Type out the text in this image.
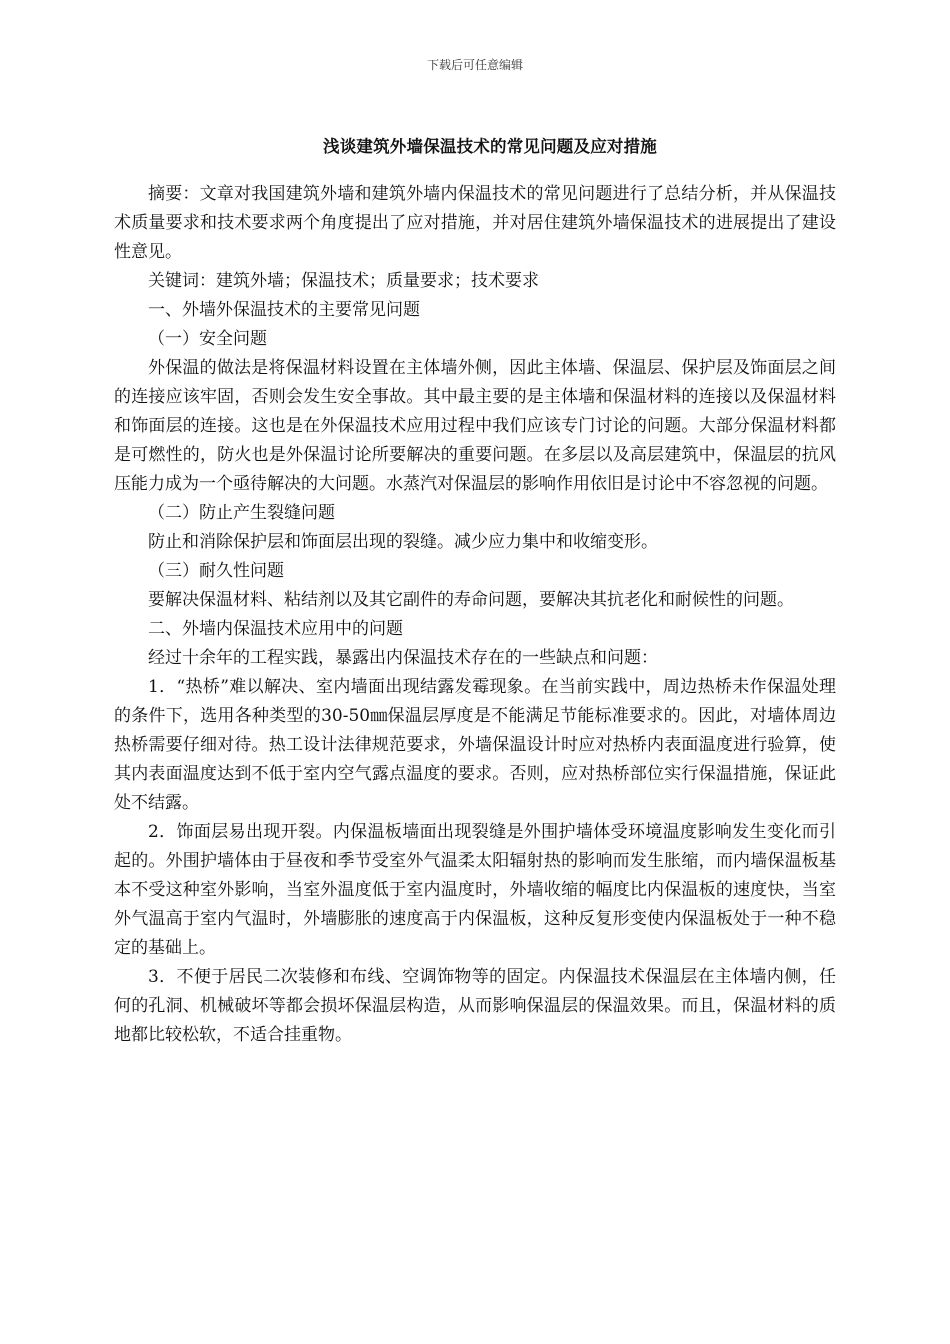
下载后可任意编辑
浅谈建筑外墙保温技术的常见问题及应对措施

摘要：文章对我国建筑外墙和建筑外墙内保温技术的常见问题进行了总结分析，并从保温技术质量要求和技术要求两个角度提出了应对措施，并对居住建筑外墙保温技术的进展提出了建设性意见。

关键词：建筑外墙；保温技术；质量要求；技术要求

一、外墙外保温技术的主要常见问题

（一）安全问题

外保温的做法是将保温材料设置在主体墙外侧，因此主体墙、保温层、保护层及饰面层之间的连接应该牢固，否则会发生安全事故。其中最主要的是主体墙和保温材料的连接以及保温材料和饰面层的连接。这也是在外保温技术应用过程中我们应该专门讨论的问题。大部分保温材料都是可燃性的，防火也是外保温讨论所要解决的重要问题。在多层以及高层建筑中，保温层的抗风压能力成为一个亟待解决的大问题。水蒸汽对保温层的影响作用依旧是讨论中不容忽视的问题。

（二）防止产生裂缝问题

防止和消除保护层和饰面层出现的裂缝。减少应力集中和收缩变形。

（三）耐久性问题

要解决保温材料、粘结剂以及其它副件的寿命问题，要解决其抗老化和耐候性的问题。

二、外墙内保温技术应用中的问题

经过十余年的工程实践，暴露出内保温技术存在的一些缺点和问题：

1．“热桥”难以解决、室内墙面出现结露发霉现象。在当前实践中，周边热桥未作保温处理的条件下，选用各种类型的30-50㎜保温层厚度是不能满足节能标准要求的。因此，对墙体周边热桥需要仔细对待。热工设计法律规范要求，外墙保温设计时应对热桥内表面温度进行验算，使其内表面温度达到不低于室内空气露点温度的要求。否则，应对热桥部位实行保温措施，保证此处不结露。

2．饰面层易出现开裂。内保温板墙面出现裂缝是外围护墙体受环境温度影响发生变化而引起的。外围护墙体由于昼夜和季节受室外气温柔太阳辐射热的影响而发生胀缩，而内墙保温板基本不受这种室外影响，当室外温度低于室内温度时，外墙收缩的幅度比内保温板的速度快，当室外气温高于室内气温时，外墙膨胀的速度高于内保温板，这种反复形变使内保温板处于一种不稳定的基础上。

3．不便于居民二次装修和布线、空调饰物等的固定。内保温技术保温层在主体墙内侧，任何的孔洞、机械破坏等都会损坏保温层构造，从而影响保温层的保温效果。而且，保温材料的质地都比较松软，不适合挂重物。
